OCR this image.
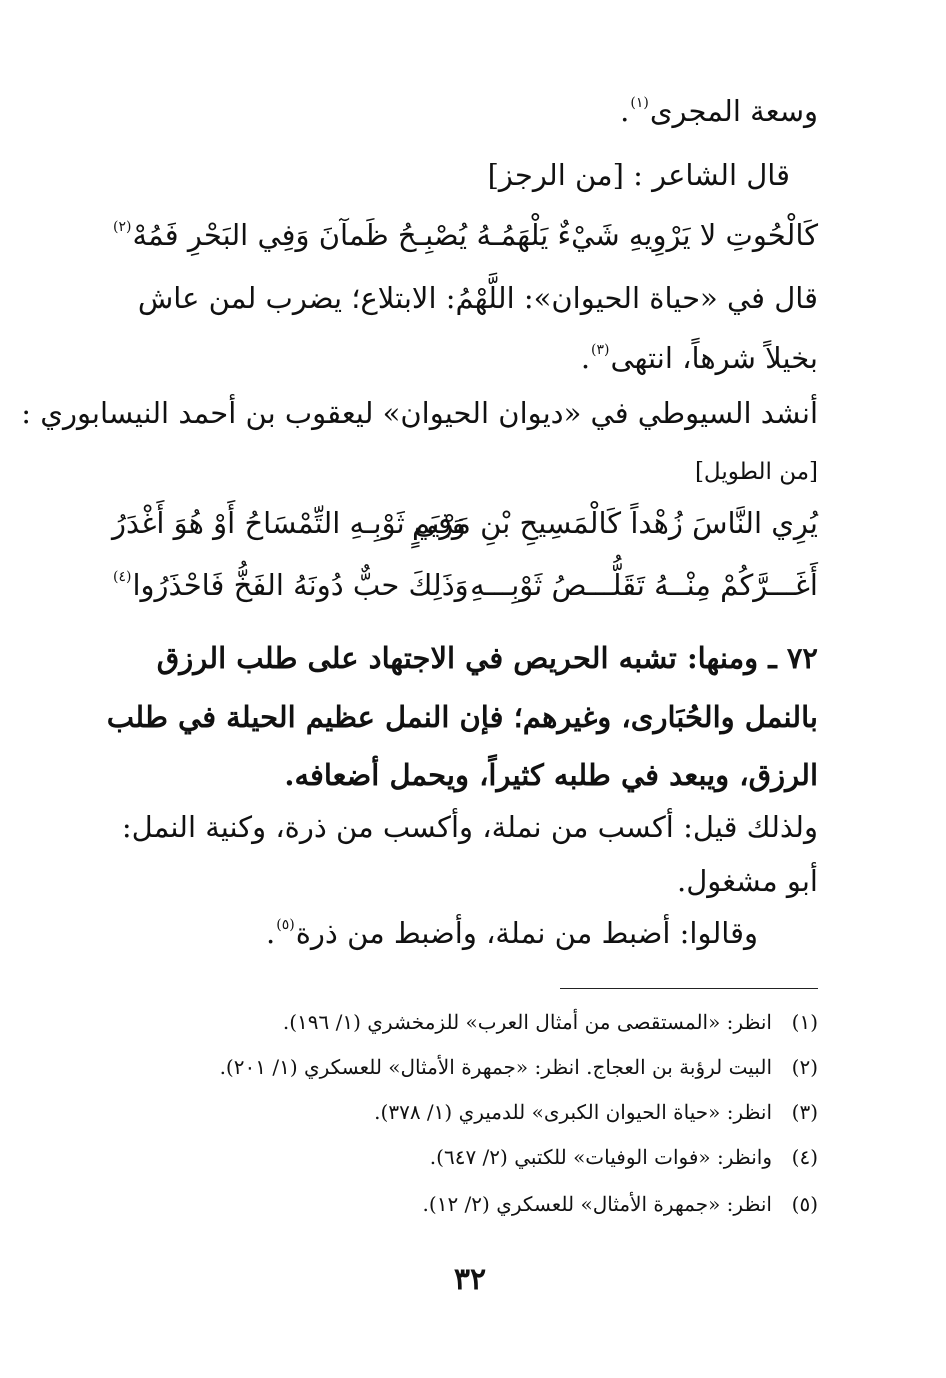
وسعة المجرى$^{(١)}$.
قال الشاعر : [من الرجز]
كَالْحُوتِ لا يَرْوِيهِ شَيْءٌ يَلْهَمُـهُ
يُصْبِـحُ ظَمآنَ وَفِي البَحْرِ فَمُهْ$^{(٢)}$
قال في «حياة الحيوان»: اللَّهْمُ: الابتلاع؛ يضرب لمن عاش
بخيلاً شرهاً، انتهى$^{(٣)}$.
أنشد السيوطي في «ديوان الحيوان» ليعقوب بن أحمد النيسابوري :
[من الطويل]
يُرِي النَّاسَ زُهْداً كَالْمَسِيحِ بْنِ مَرْيَمٍ
وَفِي ثَوْبِـهِ التِّمْسَاحُ أَوْ هُوَ أَغْدَرُ
أَغَـــرَّكُمْ مِنْــهُ تَقَلُّـــصُ ثَوْبِـــهِ
وَذَلِكَ حبٌّ دُونَهُ الفَخُّ فَاحْذَرُوا$^{(٤)}$
٧٢ ـ ومنها: تشبه الحريص في الاجتهاد على طلب الرزق
بالنمل والحُبَارى، وغيرهم؛ فإن النمل عظيم الحيلة في طلب
الرزق، ويبعد في طلبه كثيراً، ويحمل أضعافه.
ولذلك قيل: أكسب من نملة، وأكسب من ذرة، وكنية النمل:
أبو مشغول.
وقالوا: أضبط من نملة، وأضبط من ذرة$^{(٥)}$.
(١)انظر: «المستقصى من أمثال العرب» للزمخشري (١/ ١٩٦).
(٢)البيت لرؤبة بن العجاج. انظر: «جمهرة الأمثال» للعسكري (١/ ٢٠١).
(٣)انظر: «حياة الحيوان الكبرى» للدميري (١/ ٣٧٨).
(٤)وانظر: «فوات الوفيات» للكتبي (٢/ ٦٤٧).
(٥)انظر: «جمهرة الأمثال» للعسكري (٢/ ١٢).
٣٢
